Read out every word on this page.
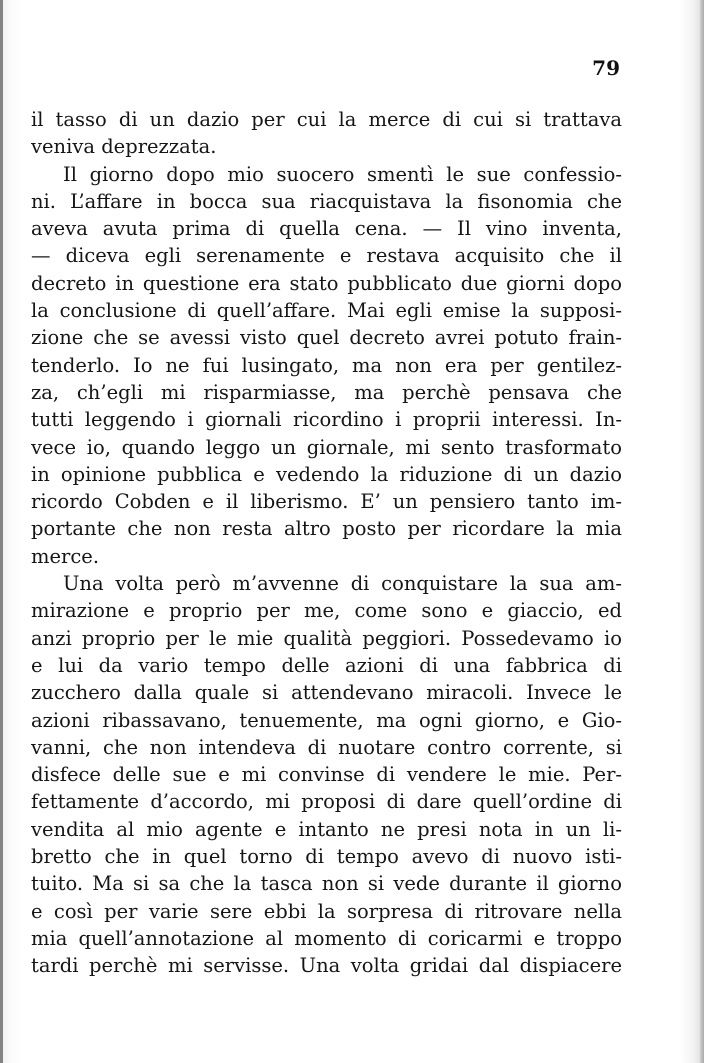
79
il tasso di un dazio per cui la merce di cui si trattava
veniva deprezzata.
Il giorno dopo mio suocero smentì le sue confessio-
ni. L’affare in bocca sua riacquistava la fisonomia che
aveva avuta prima di quella cena. — Il vino inventa,
— diceva egli serenamente e restava acquisito che il
decreto in questione era stato pubblicato due giorni dopo
la conclusione di quell’affare. Mai egli emise la supposi-
zione che se avessi visto quel decreto avrei potuto frain-
tenderlo. Io ne fui lusingato, ma non era per gentilez-
za, ch’egli mi risparmiasse, ma perchè pensava che
tutti leggendo i giornali ricordino i proprii interessi. In-
vece io, quando leggo un giornale, mi sento trasformato
in opinione pubblica e vedendo la riduzione di un dazio
ricordo Cobden e il liberismo. E’ un pensiero tanto im-
portante che non resta altro posto per ricordare la mia
merce.
Una volta però m’avvenne di conquistare la sua am-
mirazione e proprio per me, come sono e giaccio, ed
anzi proprio per le mie qualità peggiori. Possedevamo io
e lui da vario tempo delle azioni di una fabbrica di
zucchero dalla quale si attendevano miracoli. Invece le
azioni ribassavano, tenuemente, ma ogni giorno, e Gio-
vanni, che non intendeva di nuotare contro corrente, si
disfece delle sue e mi convinse di vendere le mie. Per-
fettamente d’accordo, mi proposi di dare quell’ordine di
vendita al mio agente e intanto ne presi nota in un li-
bretto che in quel torno di tempo avevo di nuovo isti-
tuito. Ma si sa che la tasca non si vede durante il giorno
e così per varie sere ebbi la sorpresa di ritrovare nella
mia quell’annotazione al momento di coricarmi e troppo
tardi perchè mi servisse. Una volta gridai dal dispiacere
